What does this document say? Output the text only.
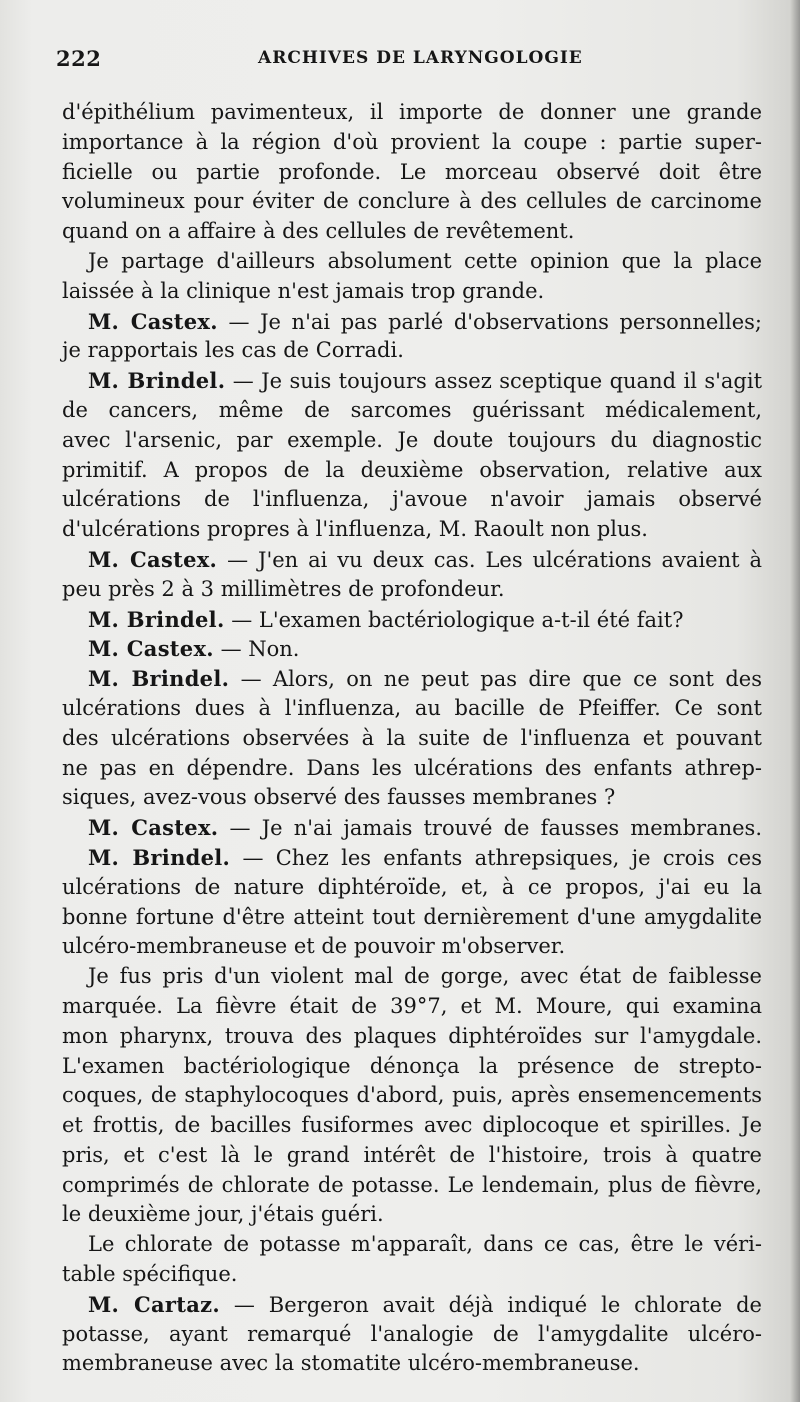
222	ARCHIVES DE LARYNGOLOGIE
d'épithélium pavimenteux, il importe de donner une grande
importance à la région d'où provient la coupe : partie super-
ficielle ou partie profonde. Le morceau observé doit être
volumineux pour éviter de conclure à des cellules de carcinome
quand on a affaire à des cellules de revêtement.
Je partage d'ailleurs absolument cette opinion que la place
laissée à la clinique n'est jamais trop grande.
M. Castex. — Je n'ai pas parlé d'observations personnelles;
je rapportais les cas de Corradi.
M. Brindel. — Je suis toujours assez sceptique quand il s'agit
de cancers, même de sarcomes guérissant médicalement,
avec l'arsenic, par exemple. Je doute toujours du diagnostic
primitif. A propos de la deuxième observation, relative aux
ulcérations de l'influenza, j'avoue n'avoir jamais observé
d'ulcérations propres à l'influenza, M. Raoult non plus.
M. Castex. — J'en ai vu deux cas. Les ulcérations avaient à
peu près 2 à 3 millimètres de profondeur.
M. Brindel. — L'examen bactériologique a-t-il été fait?
M. Castex. — Non.
M. Brindel. — Alors, on ne peut pas dire que ce sont des
ulcérations dues à l'influenza, au bacille de Pfeiffer. Ce sont
des ulcérations observées à la suite de l'influenza et pouvant
ne pas en dépendre. Dans les ulcérations des enfants athrep-
siques, avez-vous observé des fausses membranes ?
M. Castex. — Je n'ai jamais trouvé de fausses membranes.
M. Brindel. — Chez les enfants athrepsiques, je crois ces
ulcérations de nature diphtéroïde, et, à ce propos, j'ai eu la
bonne fortune d'être atteint tout dernièrement d'une amygdalite
ulcéro-membraneuse et de pouvoir m'observer.
Je fus pris d'un violent mal de gorge, avec état de faiblesse
marquée. La fièvre était de 39°7, et M. Moure, qui examina
mon pharynx, trouva des plaques diphtéroïdes sur l'amygdale.
L'examen bactériologique dénonça la présence de strepto-
coques, de staphylocoques d'abord, puis, après ensemencements
et frottis, de bacilles fusiformes avec diplocoque et spirilles. Je
pris, et c'est là le grand intérêt de l'histoire, trois à quatre
comprimés de chlorate de potasse. Le lendemain, plus de fièvre,
le deuxième jour, j'étais guéri.
Le chlorate de potasse m'apparaît, dans ce cas, être le véri-
table spécifique.
M. Cartaz. — Bergeron avait déjà indiqué le chlorate de
potasse, ayant remarqué l'analogie de l'amygdalite ulcéro-
membraneuse avec la stomatite ulcéro-membraneuse.
